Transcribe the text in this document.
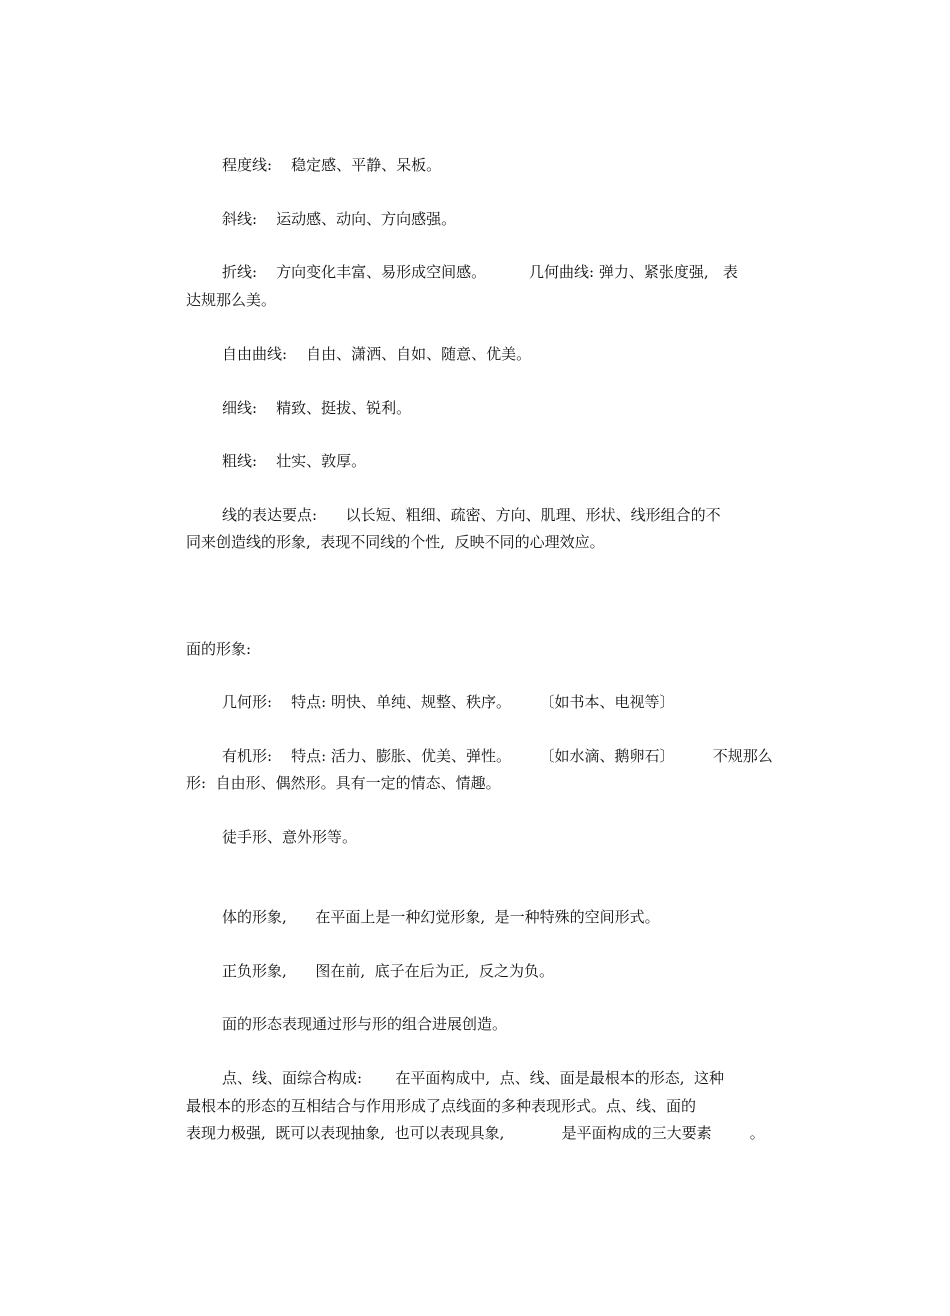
程度线:    稳定感、平静、呆板。
斜线:    运动感、动向、方向感强。
折线:    方向变化丰富、易形成空间感。         几何曲线: 弹力、紧张度强,   表
达规那么美。
自由曲线:    自由、潇洒、自如、随意、优美。
细线:    精致、挺拔、锐利。
粗线:    壮实、敦厚。
线的表达要点:      以长短、粗细、疏密、方向、肌理、形状、线形组合的不
同来创造线的形象,  表现不同线的个性,  反映不同的心理效应。
面的形象:
几何形:    特点: 明快、单纯、规整、秩序。      〔如书本、电视等〕
有机形:    特点: 活力、膨胀、优美、弹性。      〔如水滴、鹅卵石〕        不规那么
形:  自由形、偶然形。具有一定的情态、情趣。
徒手形、意外形等。
体的形象,      在平面上是一种幻觉形象,  是一种特殊的空间形式。
正负形象,      图在前,  底子在后为正,  反之为负。
面的形态表现通过形与形的组合进展创造。
点、线、面综合构成:       在平面构成中,  点、线、面是最根本的形态,  这种
最根本的形态的互相结合与作用形成了点线面的多种表现形式。点、线、面的
表现力极强,  既可以表现抽象,  也可以表现具象,            是平面构成的三大要素        。
